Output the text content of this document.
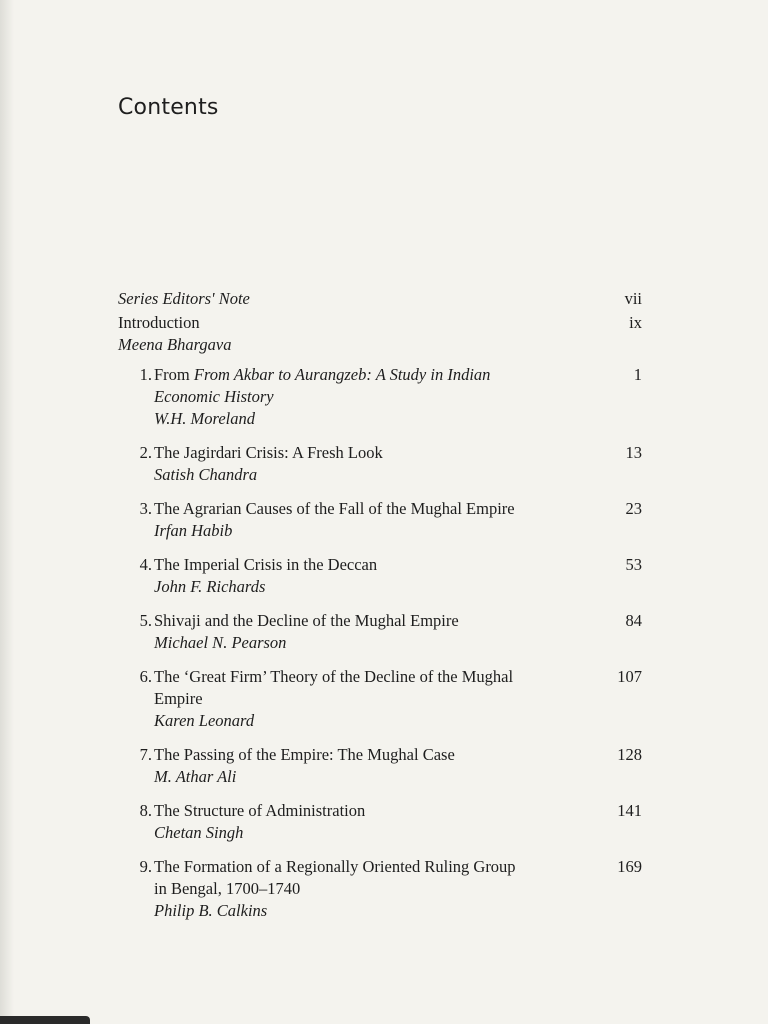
Contents
Series Editors' Note	vii
Introduction	ix
Meena Bhargava
1. From From Akbar to Aurangzeb: A Study in Indian	1
Economic History
W.H. Moreland
2. The Jagirdari Crisis: A Fresh Look	13
Satish Chandra
3. The Agrarian Causes of the Fall of the Mughal Empire	23
Irfan Habib
4. The Imperial Crisis in the Deccan	53
John F. Richards
5. Shivaji and the Decline of the Mughal Empire	84
Michael N. Pearson
6. The ‘Great Firm’ Theory of the Decline of the Mughal	107
Empire
Karen Leonard
7. The Passing of the Empire: The Mughal Case	128
M. Athar Ali
8. The Structure of Administration	141
Chetan Singh
9. The Formation of a Regionally Oriented Ruling Group	169
in Bengal, 1700–1740
Philip B. Calkins
